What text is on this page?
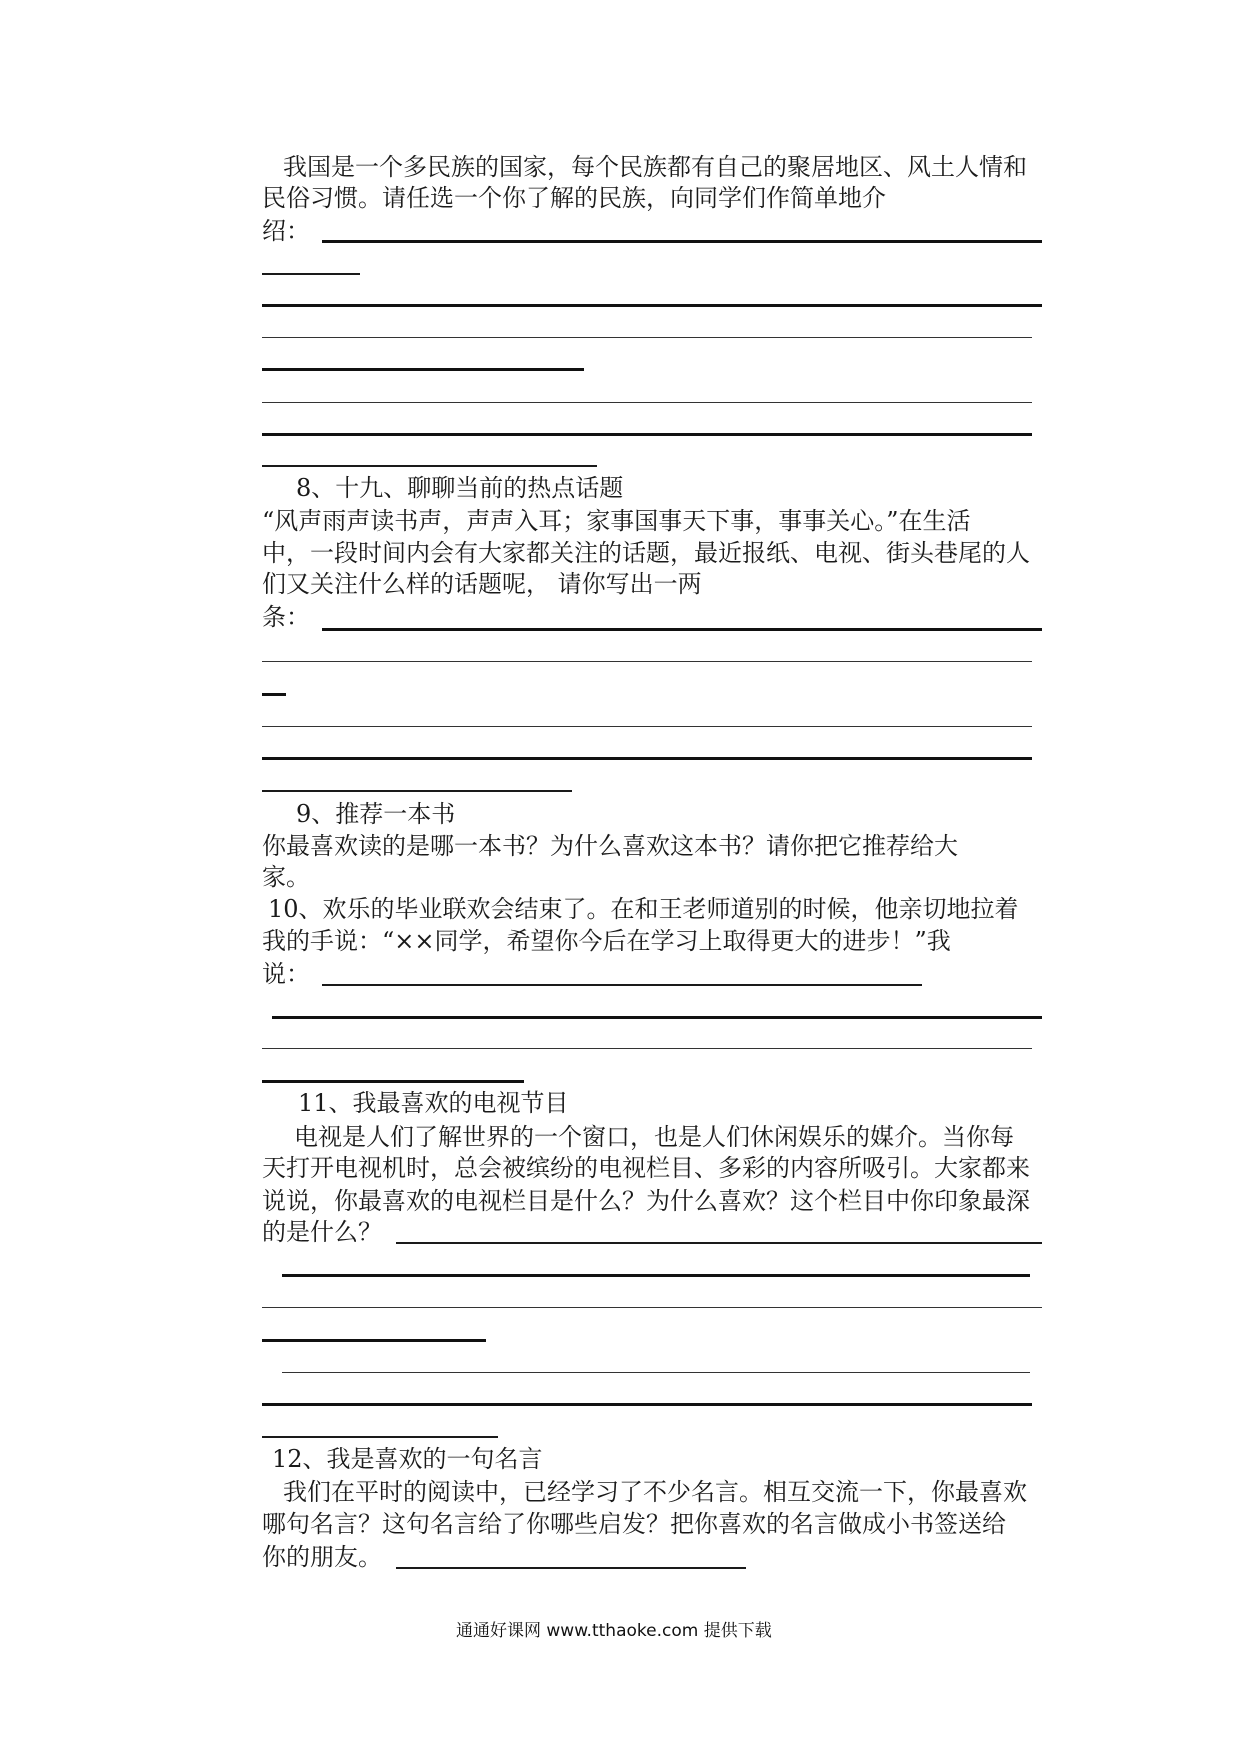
我国是一个多民族的国家，每个民族都有自己的聚居地区、风土人情和

民俗习惯。请任选一个你了解的民族，向同学们作简单地介

绍：

8、十九、聊聊当前的热点话题

“风声雨声读书声，声声入耳；家事国事天下事，事事关心。”在生活

中，一段时间内会有大家都关注的话题，最近报纸、电视、街头巷尾的人

们又关注什么样的话题呢， 请你写出一两

条：

9、推荐一本书

你最喜欢读的是哪一本书？为什么喜欢这本书？请你把它推荐给大

家。

10、欢乐的毕业联欢会结束了。在和王老师道别的时候，他亲切地拉着

我的手说：“××同学，希望你今后在学习上取得更大的进步！”我

说：

11、我最喜欢的电视节目

电视是人们了解世界的一个窗口，也是人们休闲娱乐的媒介。当你每

天打开电视机时，总会被缤纷的电视栏目、多彩的内容所吸引。大家都来

说说，你最喜欢的电视栏目是什么？为什么喜欢？这个栏目中你印象最深

的是什么？

12、我是喜欢的一句名言

我们在平时的阅读中，已经学习了不少名言。相互交流一下，你最喜欢

哪句名言？这句名言给了你哪些启发？把你喜欢的名言做成小书签送给

你的朋友。

通通好课网 www.tthaoke.com 提供下载
